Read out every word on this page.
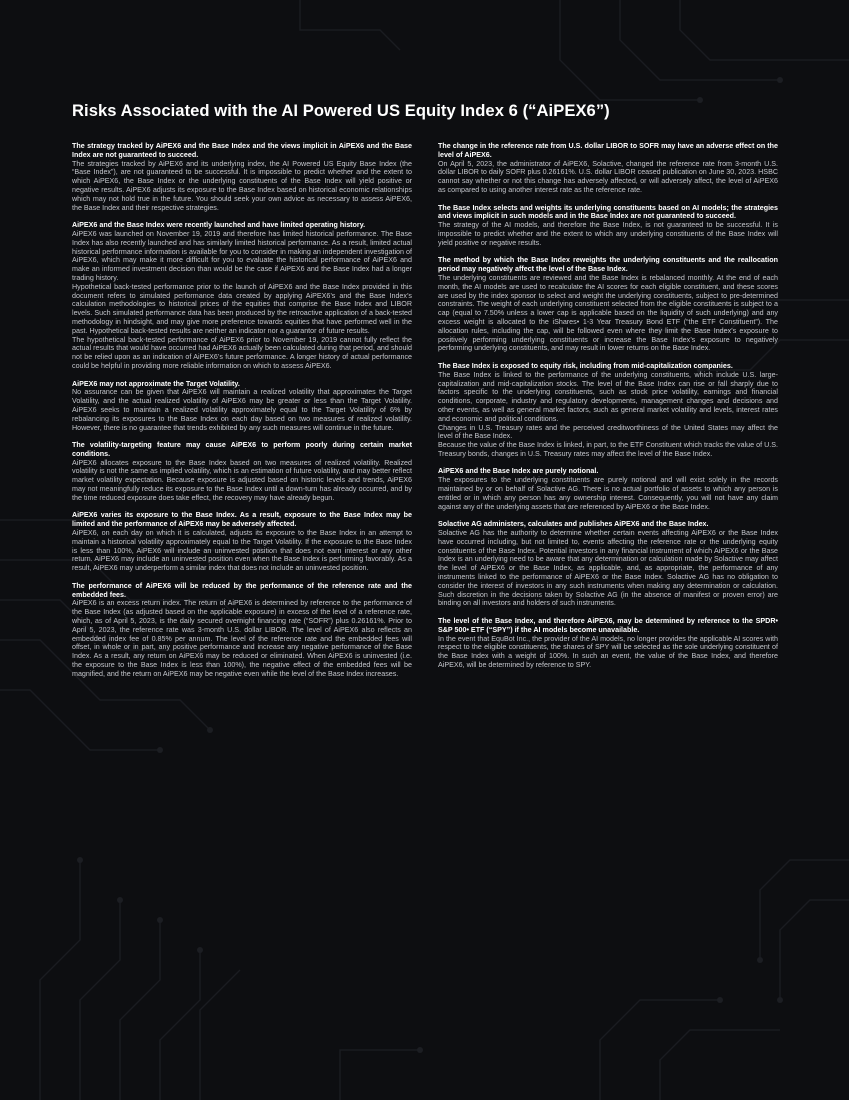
Risks Associated with the AI Powered US Equity Index 6 (“AiPEX6”)
The strategy tracked by AiPEX6 and the Base Index and the views implicit in AiPEX6 and the Base Index are not guaranteed to succeed.

The strategies tracked by AiPEX6 and its underlying index, the AI Powered US Equity Base Index (the “Base Index”), are not guaranteed to be successful. It is impossible to predict whether and the extent to which AiPEX6, the Base Index or the underlying constituents of the Base Index will yield positive or negative results. AiPEX6 adjusts its exposure to the Base Index based on historical economic relationships which may not hold true in the future. You should seek your own advice as necessary to assess AiPEX6, the Base Index and their respective strategies.

AiPEX6 and the Base Index were recently launched and have limited operating history.

AiPEX6 was launched on November 19, 2019 and therefore has limited historical performance. The Base Index has also recently launched and has similarly limited historical performance. As a result, limited actual historical performance information is available for you to consider in making an independent investigation of AiPEX6, which may make it more difficult for you to evaluate the historical performance of AiPEX6 and make an informed investment decision than would be the case if AiPEX6 and the Base Index had a longer trading history.

Hypothetical back-tested performance prior to the launch of AiPEX6 and the Base Index provided in this document refers to simulated performance data created by applying AiPEX6’s and the Base Index’s calculation methodologies to historical prices of the equities that comprise the Base Index and LIBOR levels. Such simulated performance data has been produced by the retroactive application of a back-tested methodology in hindsight, and may give more preference towards equities that have performed well in the past. Hypothetical back-tested results are neither an indicator nor a guarantor of future results.

The hypothetical back-tested performance of AiPEX6 prior to November 19, 2019 cannot fully reflect the actual results that would have occurred had AiPEX6 actually been calculated during that period, and should not be relied upon as an indication of AiPEX6’s future performance. A longer history of actual performance could be helpful in providing more reliable information on which to assess AiPEX6.

AiPEX6 may not approximate the Target Volatility.

No assurance can be given that AiPEX6 will maintain a realized volatility that approximates the Target Volatility, and the actual realized volatility of AiPEX6 may be greater or less than the Target Volatility. AiPEX6 seeks to maintain a realized volatility approximately equal to the Target Volatility of 6% by rebalancing its exposures to the Base Index on each day based on two measures of realized volatility. However, there is no guarantee that trends exhibited by any such measures will continue in the future.

The volatility-targeting feature may cause AiPEX6 to perform poorly during certain market conditions.

AiPEX6 allocates exposure to the Base Index based on two measures of realized volatility. Realized volatility is not the same as implied volatility, which is an estimation of future volatility, and may better reflect market volatility expectation. Because exposure is adjusted based on historic levels and trends, AiPEX6 may not meaningfully reduce its exposure to the Base Index until a down-turn has already occurred, and by the time reduced exposure does take effect, the recovery may have already begun.

AiPEX6 varies its exposure to the Base Index. As a result, exposure to the Base Index may be limited and the performance of AiPEX6 may be adversely affected.

AiPEX6, on each day on which it is calculated, adjusts its exposure to the Base Index in an attempt to maintain a historical volatility approximately equal to the Target Volatility. If the exposure to the Base Index is less than 100%, AiPEX6 will include an uninvested position that does not earn interest or any other return. AiPEX6 may include an uninvested position even when the Base Index is performing favorably. As a result, AiPEX6 may underperform a similar index that does not include an uninvested position.

The performance of AiPEX6 will be reduced by the performance of the reference rate and the embedded fees.

AiPEX6 is an excess return index. The return of AiPEX6 is determined by reference to the performance of the Base Index (as adjusted based on the applicable exposure) in excess of the level of a reference rate, which, as of April 5, 2023, is the daily secured overnight financing rate (“SOFR”) plus 0.26161%. Prior to April 5, 2023, the reference rate was 3-month U.S. dollar LIBOR. The level of AiPEX6 also reflects an embedded index fee of 0.85% per annum. The level of the reference rate and the embedded fees will offset, in whole or in part, any positive performance and increase any negative performance of the Base Index. As a result, any return on AiPEX6 may be reduced or eliminated. When AiPEX6 is uninvested (i.e. the exposure to the Base Index is less than 100%), the negative effect of the embedded fees will be magnified, and the return on AiPEX6 may be negative even while the level of the Base Index increases.

The change in the reference rate from U.S. dollar LIBOR to SOFR may have an adverse effect on the level of AiPEX6.

On April 5, 2023, the administrator of AiPEX6, Solactive, changed the reference rate from 3-month U.S. dollar LIBOR to daily SOFR plus 0.26161%. U.S. dollar LIBOR ceased publication on June 30, 2023. HSBC cannot say whether or not this change has adversely affected, or will adversely affect, the level of AiPEX6 as compared to using another interest rate as the reference rate.

The Base Index selects and weights its underlying constituents based on AI models; the strategies and views implicit in such models and in the Base Index are not guaranteed to succeed.

The strategy of the AI models, and therefore the Base Index, is not guaranteed to be successful. It is impossible to predict whether and the extent to which any underlying constituents of the Base Index will yield positive or negative results.

The method by which the Base Index reweights the underlying constituents and the reallocation period may negatively affect the level of the Base Index.

The underlying constituents are reviewed and the Base Index is rebalanced monthly. At the end of each month, the AI models are used to recalculate the AI scores for each eligible constituent, and these scores are used by the index sponsor to select and weight the underlying constituents, subject to pre-determined constraints. The weight of each underlying constituent selected from the eligible constituents is subject to a cap (equal to 7.50% unless a lower cap is applicable based on the liquidity of such underlying) and any excess weight is allocated to the iShares• 1-3 Year Treasury Bond ETF (“the ETF Constituent”). The allocation rules, including the cap, will be followed even where they limit the Base Index’s exposure to positively performing underlying constituents or increase the Base Index’s exposure to negatively performing underlying constituents, and may result in lower returns on the Base Index.

The Base Index is exposed to equity risk, including from mid-capitalization companies.

The Base Index is linked to the performance of the underlying constituents, which include U.S. large-capitalization and mid-capitalization stocks. The level of the Base Index can rise or fall sharply due to factors specific to the underlying constituents, such as stock price volatility, earnings and financial conditions, corporate, industry and regulatory developments, management changes and decisions and other events, as well as general market factors, such as general market volatility and levels, interest rates and economic and political conditions.

Changes in U.S. Treasury rates and the perceived creditworthiness of the United States may affect the level of the Base Index.

Because the value of the Base Index is linked, in part, to the ETF Constituent which tracks the value of U.S. Treasury bonds, changes in U.S. Treasury rates may affect the level of the Base Index.

AiPEX6 and the Base Index are purely notional.

The exposures to the underlying constituents are purely notional and will exist solely in the records maintained by or on behalf of Solactive AG. There is no actual portfolio of assets to which any person is entitled or in which any person has any ownership interest. Consequently, you will not have any claim against any of the underlying assets that are referenced by AiPEX6 or the Base Index.

Solactive AG administers, calculates and publishes AiPEX6 and the Base Index.

Solactive AG has the authority to determine whether certain events affecting AiPEX6 or the Base Index have occurred including, but not limited to, events affecting the reference rate or the underlying equity constituents of the Base Index. Potential investors in any financial instrument of which AiPEX6 or the Base Index is an underlying need to be aware that any determination or calculation made by Solactive may affect the level of AiPEX6 or the Base Index, as applicable, and, as appropriate, the performance of any instruments linked to the performance of AiPEX6 or the Base Index. Solactive AG has no obligation to consider the interest of investors in any such instruments when making any determination or calculation. Such discretion in the decisions taken by Solactive AG (in the absence of manifest or proven error) are binding on all investors and holders of such instruments.

The level of the Base Index, and therefore AiPEX6, may be determined by reference to the SPDR• S&P 500• ETF (“SPY”) if the AI models become unavailable.

In the event that EquBot Inc., the provider of the AI models, no longer provides the applicable AI scores with respect to the eligible constituents, the shares of SPY will be selected as the sole underlying constituent of the Base Index with a weight of 100%. In such an event, the value of the Base Index, and therefore AiPEX6, will be determined by reference to SPY.
